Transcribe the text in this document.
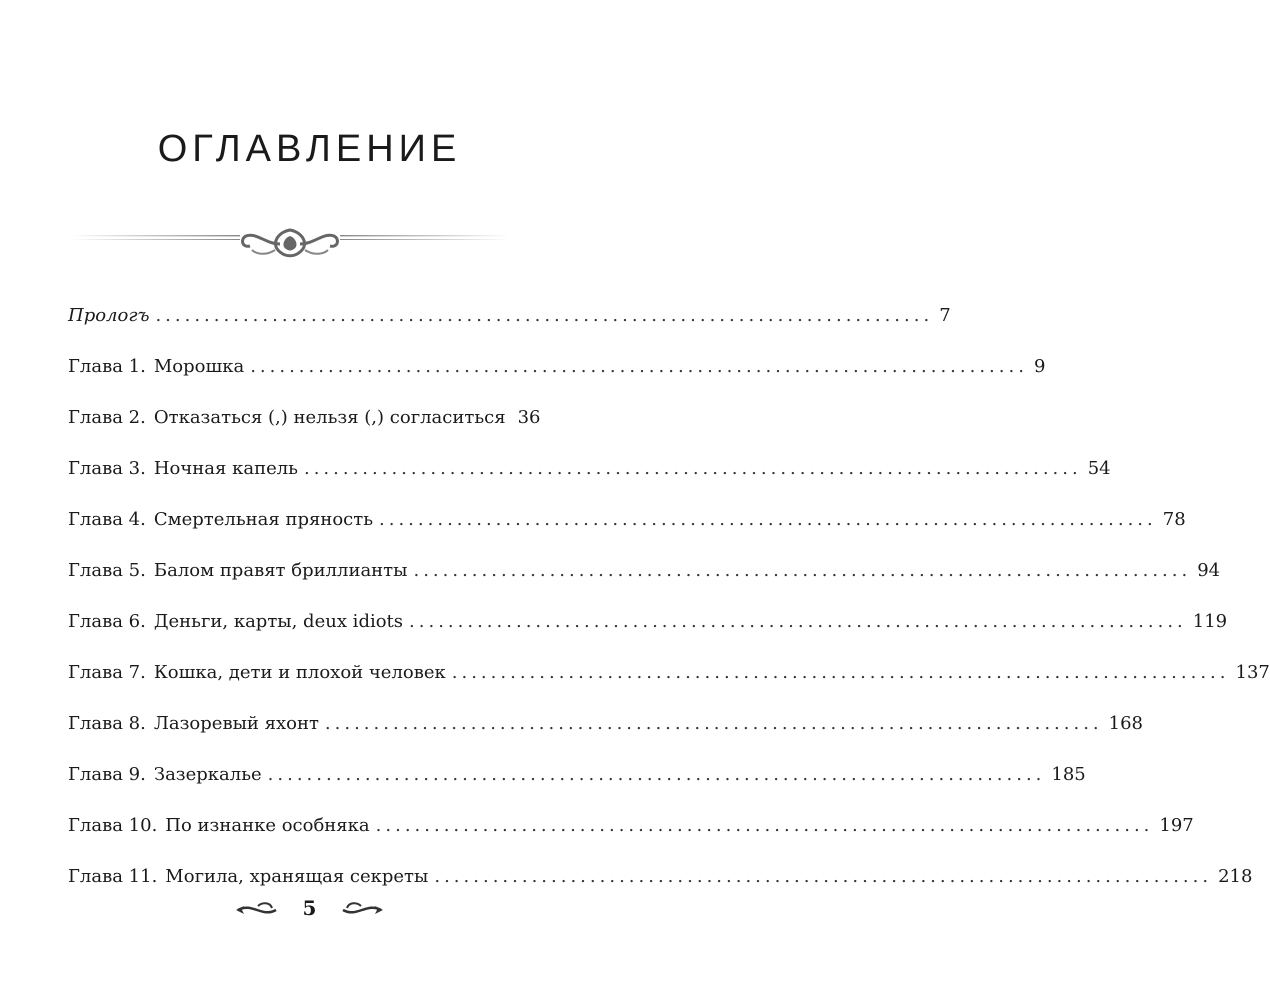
ОГЛАВЛЕНИЕ
Прологъ ................................................................................ 7
Глава 1. Морошка ................................................................................ 9
Глава 2. Отказаться (,) нельзя (,) согласиться 36
Глава 3. Ночная капель ................................................................................ 54
Глава 4. Смертельная пряность ................................................................................ 78
Глава 5. Балом правят бриллианты ................................................................................ 94
Глава 6. Деньги, карты, deux idiots ................................................................................ 119
Глава 7. Кошка, дети и плохой человек ................................................................................ 137
Глава 8. Лазоревый яхонт ................................................................................ 168
Глава 9. Зазеркалье ................................................................................ 185
Глава 10. По изнанке особняка ................................................................................ 197
Глава 11. Могила, хранящая секреты ................................................................................ 218
5
